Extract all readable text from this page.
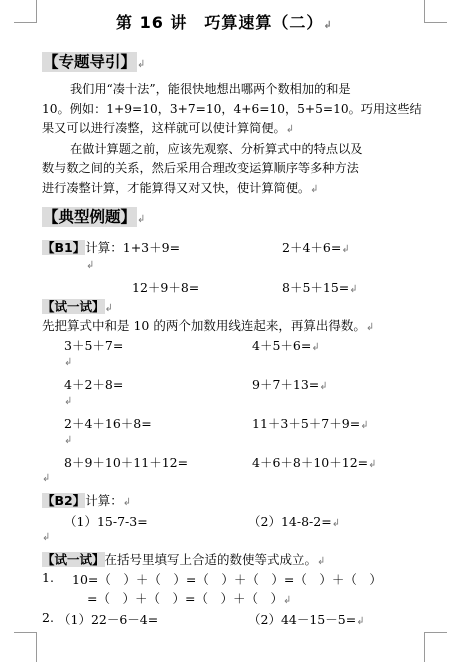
第 16 讲　巧算速算（二）↲
【专题导引】↲
我们用“凑十法”，能很快地想出哪两个数相加的和是
10。例如：1+9=10，3+7=10，4+6=10，5+5=10。巧用这些结
果又可以进行凑整，这样就可以使计算简便。↲
在做计算题之前，应该先观察、分析算式中的特点以及
数与数之间的关系，然后采用合理改变运算顺序等多种方法
进行凑整计算，才能算得又对又快，使计算简便。↲
【典型例题】↲
【B1】计算：1+3＋9=	2＋4＋6=↲
↲
12＋9＋8=	8＋5＋15=↲
【试一试】↲
先把算式中和是 10 的两个加数用线连起来，再算出得数。↲
3＋5＋7=	4＋5＋6=↲
↲
4＋2＋8=	9＋7＋13=↲
↲
2＋4＋16＋8=	11＋3＋5＋7＋9=↲
↲
8＋9＋10＋11＋12=	4＋6＋8＋10＋12=↲
↲
【B2】计算：↲
（1）15-7-3=	（2）14-8-2=↲
↲
【试一试】在括号里填写上合适的数使等式成立。↲
1. 10=（　）＋（　）=（　）＋（　）=（　）＋（　）
=（　）＋（　）=（　）＋（　）↲
2. （1）22－6－4=	（2）44－15－5=↲
